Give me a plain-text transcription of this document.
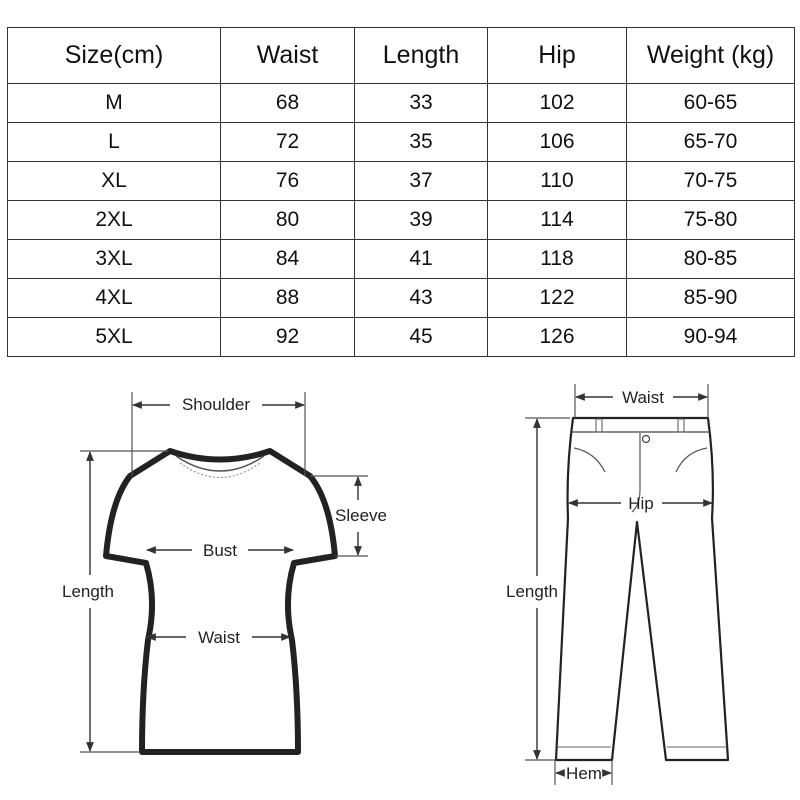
Size(cm)	Waist	Length	Hip	Weight (kg)
M	68	33	102	60-65
L	72	35	106	65-70
XL	76	37	110	70-75
2XL	80	39	114	75-80
3XL	84	41	118	80-85
4XL	88	43	122	85-90
5XL	92	45	126	90-94
Shoulder
Sleeve
Bust
Waist
Length
Waist
Hip
Length
Hem
